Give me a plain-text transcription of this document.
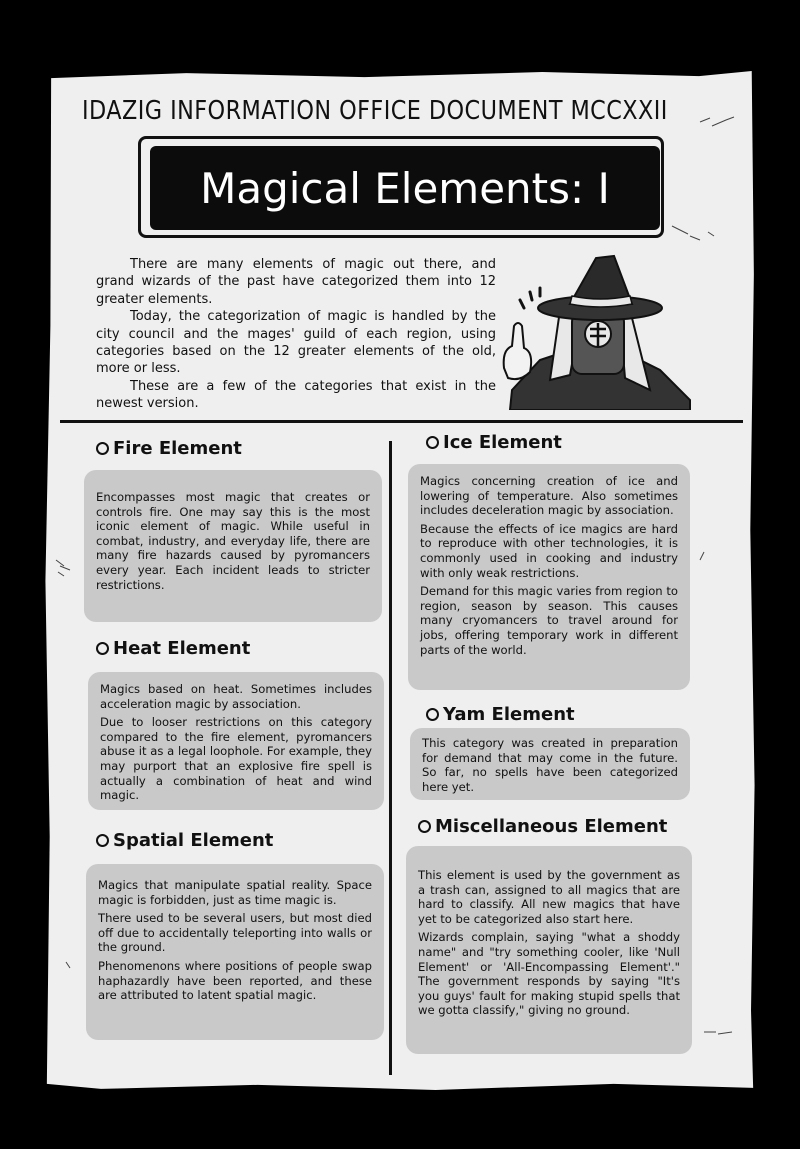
IDAZIG INFORMATION OFFICE DOCUMENT MCCXXII
Magical Elements: I

There are many elements of magic out there, and grand wizards of the past have categorized them into 12 greater elements.

Today, the categorization of magic is handled by the city council and the mages' guild of each region, using categories based on the 12 greater elements of the old, more or less.

These are a few of the categories that exist in the newest version.

Fire Element

Encompasses most magic that creates or controls fire. One may say this is the most iconic element of magic. While useful in combat, industry, and everyday life, there are many fire hazards caused by pyromancers every year. Each incident leads to stricter restrictions.

Heat Element

Magics based on heat. Sometimes includes acceleration magic by association.

Due to looser restrictions on this category compared to the fire element, pyromancers abuse it as a legal loophole. For example, they may purport that an explosive fire spell is actually a combination of heat and wind magic.

Spatial Element

Magics that manipulate spatial reality. Space magic is forbidden, just as time magic is.

There used to be several users, but most died off due to accidentally teleporting into walls or the ground.

Phenomenons where positions of people swap haphazardly have been reported, and these are attributed to latent spatial magic.

Ice Element

Magics concerning creation of ice and lowering of temperature. Also sometimes includes deceleration magic by association.

Because the effects of ice magics are hard to reproduce with other technologies, it is commonly used in cooking and industry with only weak restrictions.

Demand for this magic varies from region to region, season by season. This causes many cryomancers to travel around for jobs, offering temporary work in different parts of the world.

Yam Element

This category was created in preparation for demand that may come in the future. So far, no spells have been categorized here yet.

Miscellaneous Element

This element is used by the government as a trash can, assigned to all magics that are hard to classify. All new magics that have yet to be categorized also start here.

Wizards complain, saying "what a shoddy name" and "try something cooler, like 'Null Element' or 'All-Encompassing Element'." The government responds by saying "It's you guys' fault for making stupid spells that we gotta classify," giving no ground.
